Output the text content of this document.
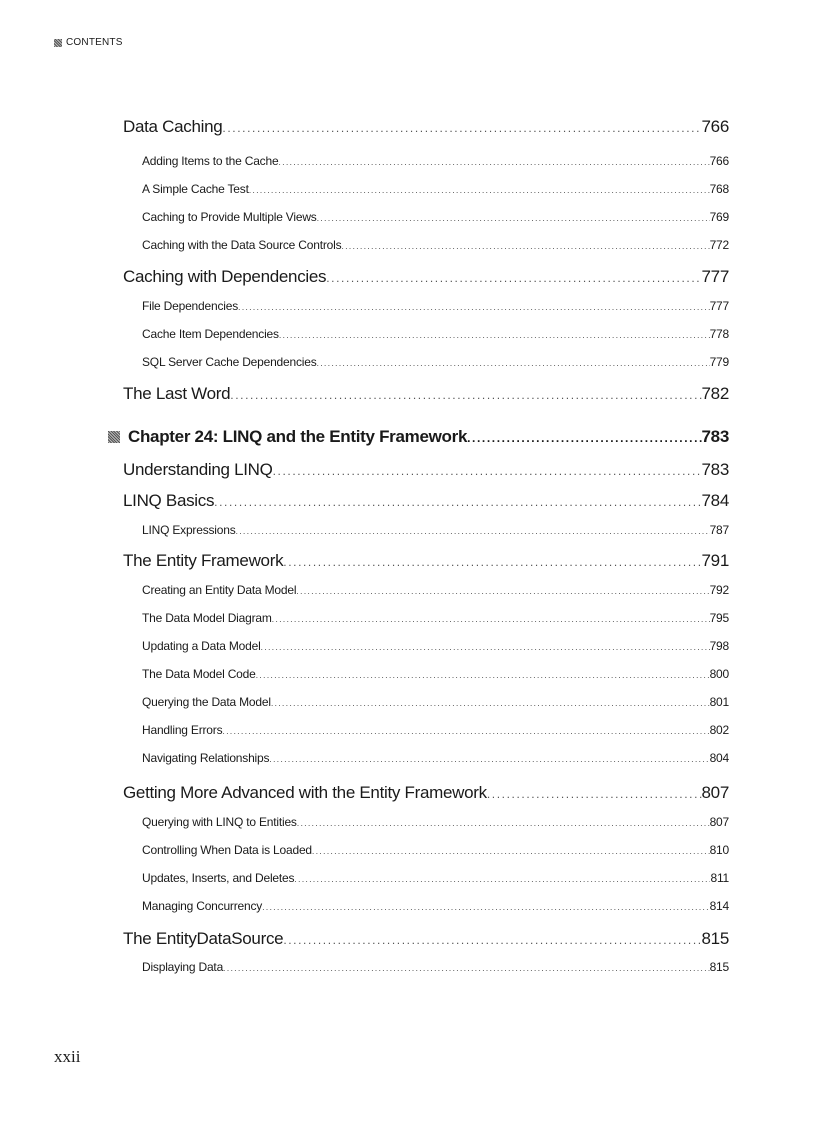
CONTENTS
Data Caching .....	766
Adding Items to the Cache .....	766
A Simple Cache Test .....	768
Caching to Provide Multiple Views .....	769
Caching with the Data Source Controls .....	772
Caching with Dependencies .....	777
File Dependencies .....	777
Cache Item Dependencies .....	778
SQL Server Cache Dependencies .....	779
The Last Word .....	782
Chapter 24: LINQ and the Entity Framework .....	783
Understanding LINQ .....	783
LINQ Basics .....	784
LINQ Expressions .....	787
The Entity Framework .....	791
Creating an Entity Data Model .....	792
The Data Model Diagram .....	795
Updating a Data Model .....	798
The Data Model Code .....	800
Querying the Data Model .....	801
Handling Errors .....	802
Navigating Relationships .....	804
Getting More Advanced with the Entity Framework .....	807
Querying with LINQ to Entities .....	807
Controlling When Data is Loaded .....	810
Updates, Inserts, and Deletes .....	811
Managing Concurrency .....	814
The EntityDataSource .....	815
Displaying Data .....	815
xxii
